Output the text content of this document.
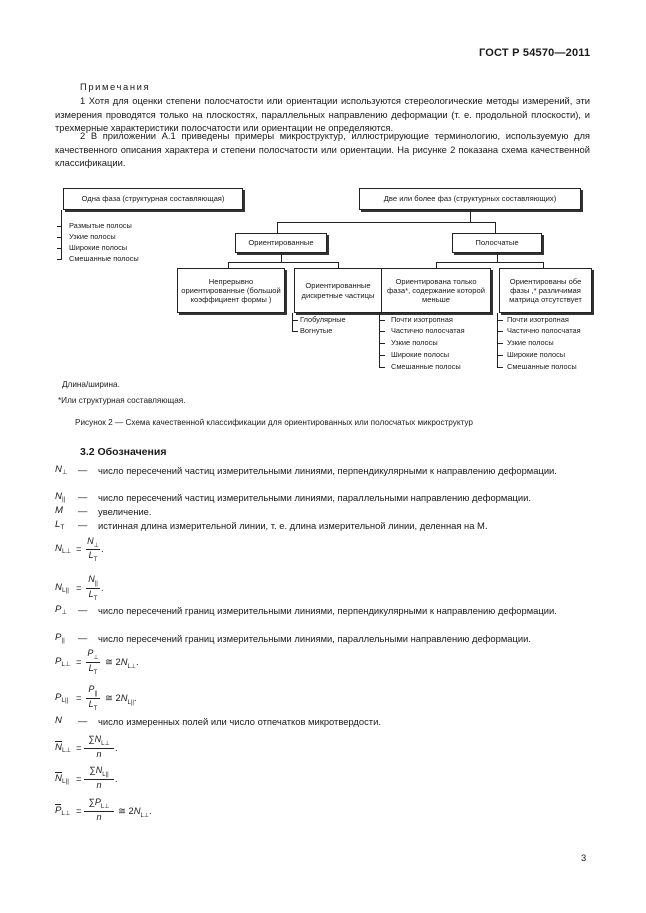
ГОСТ Р 54570—2011
Примечания
1 Хотя для оценки степени полосчатости или ориентации используются стереологические методы измерений, эти измерения проводятся только на плоскостях, параллельных направлению деформации (т. е. продольной плоскости), и трехмерные характеристики полосчатости или ориентации не определяются.
2 В приложении А.1 приведены примеры микроструктур, иллюстрирующие терминологию, используемую для качественного описания характера и степени полосчатости или ориентации. На рисунке 2 показана схема качественной классификации.
Одна фаза (структурная составляющая)
Размытые полосы
Узкие полосы
Широкие полосы
Смешанные полосы
Две или более фаз (структурных составляющих)
Ориентированные	Полосчатые
Непрерывно ориентированные (большой коэффициент формы )
Ориентированные дискретные частицы
Ориентирована только фаза*, содержание которой меньше
Ориентированы обе фазы ,* различимая матрица отсутствует
Глобулярные
Вогнутые
Почти изотропная
Частично полосчатая
Узкие полосы
Широкие полосы
Смешанные полосы
Почти изотропная
Частично полосчатая
Узкие полосы
Широкие полосы
Смешанные полосы
Длина/ширина.
*Или структурная составляющая.
Рисунок 2 — Схема качественной классификации для ориентированных или полосчатых микроструктур
3.2 Обозначения
$N_\perp$ — число пересечений частиц измерительными линиями, перпендикулярными к направлению деформации.
$N_{||}$ — число пересечений частиц измерительными линиями, параллельными направлению деформации.
M — увеличение.
$L_T$ — истинная длина измерительной линии, т. е. длина измерительной линии, деленная на M.
$N_{L\perp}$ =
$N_\perp$
$L_T$
.
$N_{L||}$ =
$N_{||}$
$L_T$
.
$P_\perp$ — число пересечений границ измерительными линиями, перпендикулярными к направлению деформации.
$P_{||}$ — число пересечений границ измерительными линиями, параллельными направлению деформации.
$P_{L\perp}$ =
$P_\perp$
$L_T$
≅ $2N_{L\perp}$.
$P_{L||}$ =
$P_{||}$
$L_T$
≅ $2N_{L||}$.
N — число измеренных полей или число отпечатков микротвердости.
$N_{L\perp}$ =
$\sum N_{L\perp}$
n
.
$N_{L||}$ =
$\sum N_{L||}$
n
.
$P_{L\perp}$ =
$\sum P_{L\perp}$
n
≅ $2N_{L\perp}$.
3
